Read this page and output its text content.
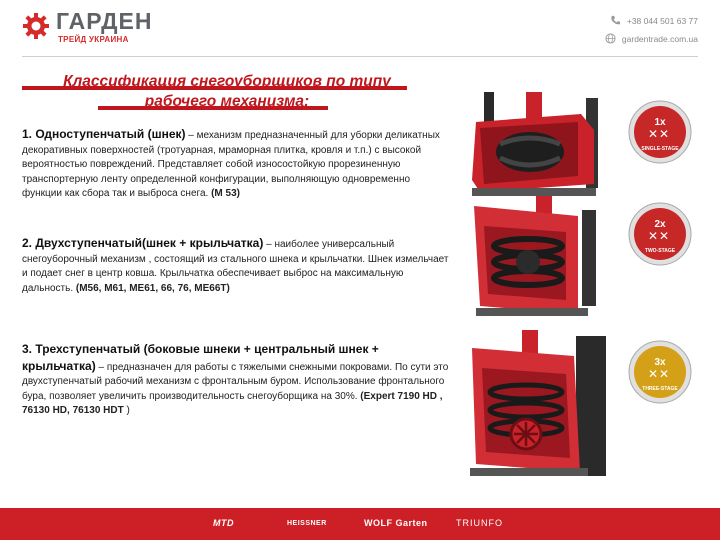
ГАРДЕН
ТРЕЙД УКРАИНА
+38 044 501 63 77
gardentrade.com.ua
Классификация снегоуборщиков по типу
рабочего механизма:
1. Одноступенчатый (шнек) – механизм предназначенный для уборки деликатных декоративных поверхностей (тротуарная, мраморная плитка, кровля и т.п.) с высокой вероятностью повреждений. Представляет собой износостойкую прорезиненную транспортерную ленту определенной конфигурации, выполняющую одновременно функции как сбора так и выброса снега. (M 53)
2. Двухступенчатый(шнек + крыльчатка) – наиболее универсальный снегоуборочный механизм , состоящий из стального шнека и крыльчатки. Шнек измельчает и подает снег в центр ковша. Крыльчатка обеспечивает выброс на максимальную дальность. (M56, M61, ME61, 66, 76, ME66T)
3. Трехступенчатый (боковые шнеки + центральный шнек + крыльчатка) – предназначен для работы с тяжелыми снежными покровами. По сути это двухступенчатый рабочий механизм с фронтальным буром. Использование фронтального бура, позволяет увеличить производительность снегоуборщика на 30%. (Expert 7190 HD , 76130 HD, 76130 HDT )
1x
✕ ✕
SINGLE-STAGE
2x
✕ ✕
TWO-STAGE
3x
✕ ✕
THREE-STAGE
MTD	HEISSNER	WOLF Garten	TRIUNFO
